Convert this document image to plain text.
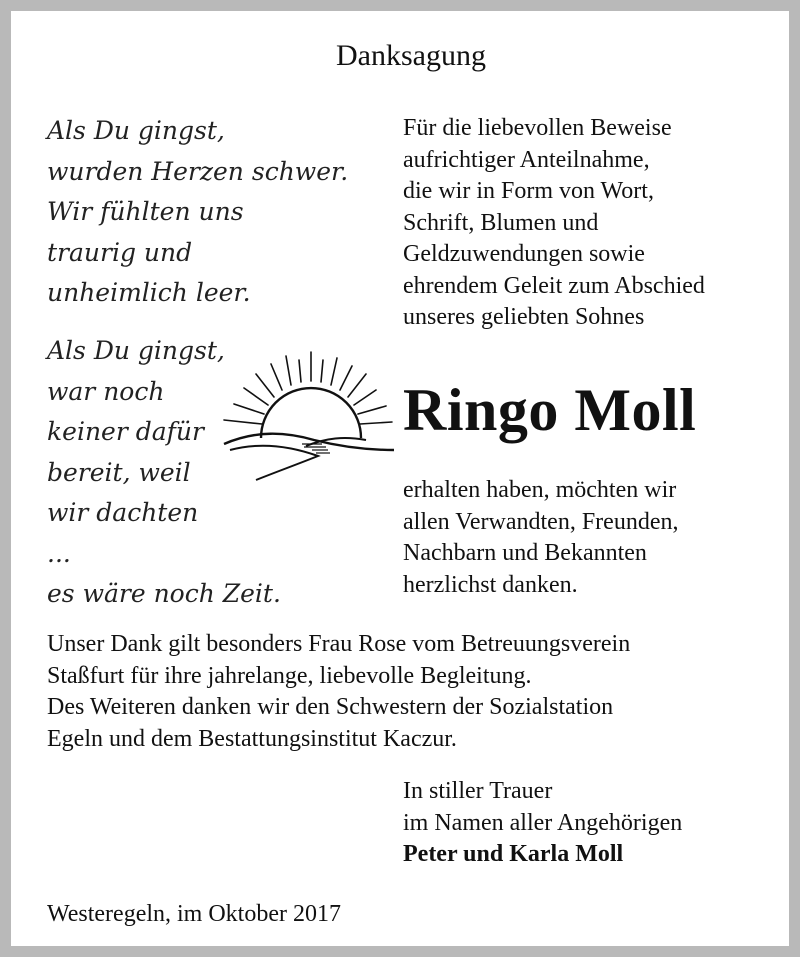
Danksagung
Als Du gingst,
wurden Herzen schwer.
Wir fühlten uns
traurig und
unheimlich leer.
Als Du gingst,
war noch
keiner dafür
bereit, weil
wir dachten
...
es wäre noch Zeit.
Für die liebevollen Beweise
aufrichtiger Anteilnahme,
die wir in Form von Wort,
Schrift, Blumen und
Geldzuwendungen sowie
ehrendem Geleit zum Abschied
unseres geliebten Sohnes
Ringo Moll
erhalten haben, möchten wir
allen Verwandten, Freunden,
Nachbarn und Bekannten
herzlichst danken.
Unser Dank gilt besonders Frau Rose vom Betreuungsverein
Staßfurt für ihre jahrelange, liebevolle Begleitung.
Des Weiteren danken wir den Schwestern der Sozialstation
Egeln und dem Bestattungsinstitut Kaczur.
In stiller Trauer
im Namen aller Angehörigen
Peter und Karla Moll
Westeregeln, im Oktober 2017
